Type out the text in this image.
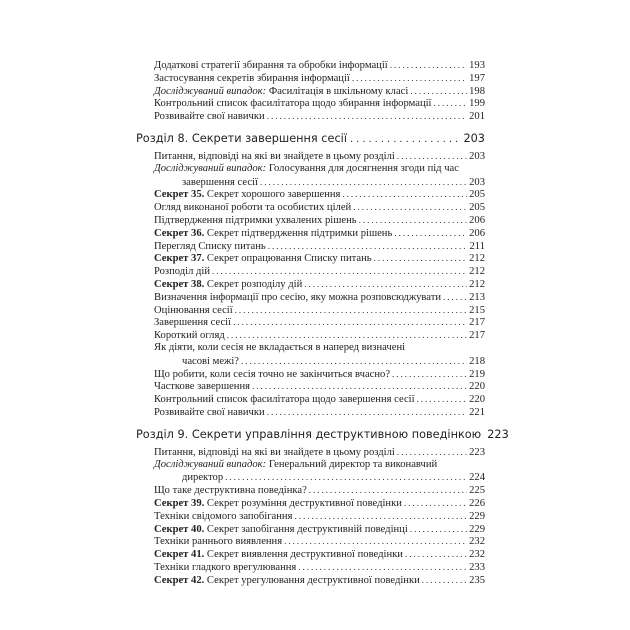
Додаткові стратегії збирання та обробки інформації .....	193
Застосування секретів збирання інформації .....	197
Досліджуваний випадок: Фасилітація в шкільному класі .....	198
Контрольний список фасилітатора щодо збирання інформації .....	199
Розвивайте свої навички .....	201
Розділ 8. Секрети завершення сесії .....	203
Питання, відповіді на які ви знайдете в цьому розділі .....	203
Досліджуваний випадок: Голосування для досягнення згоди під час
завершення сесії .....	203
Секрет 35. Секрет хорошого завершення .....	205
Огляд виконаної роботи та особистих цілей .....	205
Підтвердження підтримки ухвалених рішень .....	206
Секрет 36. Секрет підтвердження підтримки рішень .....	206
Перегляд Списку питань .....	211
Секрет 37. Секрет опрацювання Списку питань .....	212
Розподіл дій .....	212
Секрет 38. Секрет розподілу дій .....	212
Визначення інформації про сесію, яку можна розповсюджувати .....	213
Оцінювання сесії .....	215
Завершення сесії .....	217
Короткий огляд .....	217
Як діяти, коли сесія не вкладається в наперед визначені
часові межі? .....	218
Що робити, коли сесія точно не закінчиться вчасно? .....	219
Часткове завершення .....	220
Контрольний список фасилітатора щодо завершення сесії .....	220
Розвивайте свої навички .....	221
Розділ 9. Секрети управління деструктивною поведінкою 223
Питання, відповіді на які ви знайдете в цьому розділі .....	223
Досліджуваний випадок: Генеральний директор та виконавчий
директор .....	224
Що таке деструктивна поведінка? .....	225
Секрет 39. Секрет розуміння деструктивної поведінки .....	226
Техніки свідомого запобігання .....	229
Секрет 40. Секрет запобігання деструктивній поведінці .....	229
Техніки раннього виявлення .....	232
Секрет 41. Секрет виявлення деструктивної поведінки .....	232
Техніки гладкого врегулювання .....	233
Секрет 42. Секрет урегулювання деструктивної поведінки .....	235
